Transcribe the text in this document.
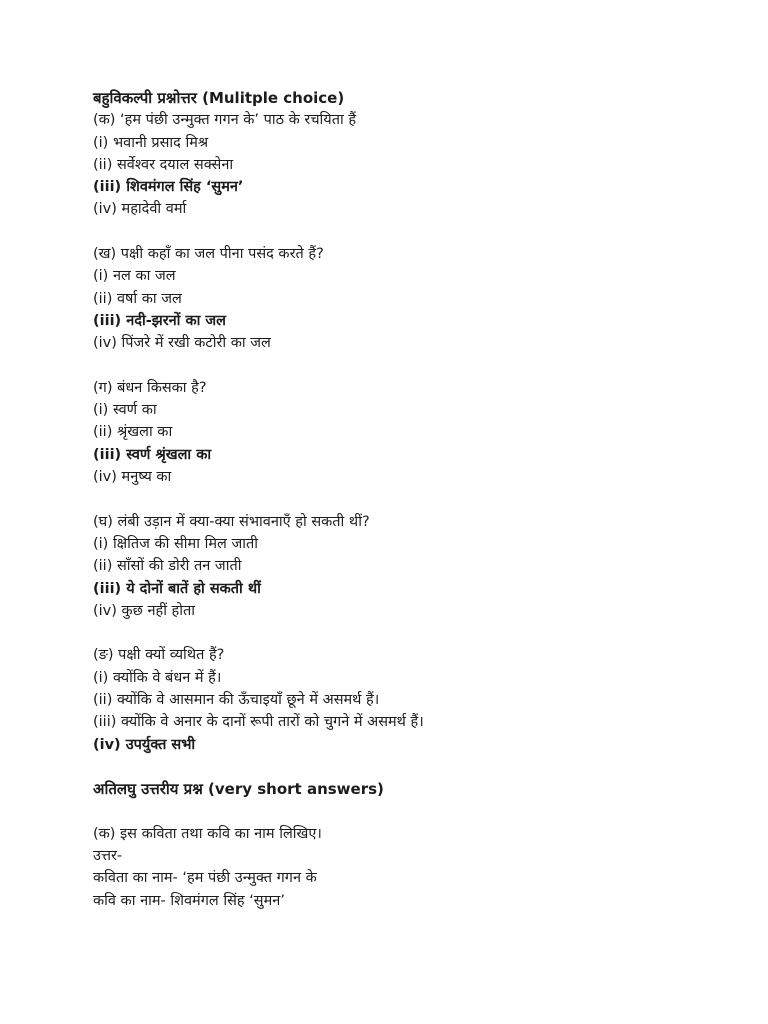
बहुविकल्पी प्रश्नोत्तर (Mulitple choice)
(क) ‘हम पंछी उन्मुक्त गगन के’ पाठ के रचयिता हैं
(i) भवानी प्रसाद मिश्र
(ii) सर्वेश्वर दयाल सक्सेना
(iii) शिवमंगल सिंह ‘सुमन’
(iv) महादेवी वर्मा
(ख) पक्षी कहाँ का जल पीना पसंद करते हैं?
(i) नल का जल
(ii) वर्षा का जल
(iii) नदी-झरनों का जल
(iv) पिंजरे में रखी कटोरी का जल
(ग) बंधन किसका है?
(i) स्वर्ण का
(ii) श्रृंखला का
(iii) स्वर्ण श्रृंखला का
(iv) मनुष्य का
(घ) लंबी उड़ान में क्या-क्या संभावनाएँ हो सकती थीं?
(i) क्षितिज की सीमा मिल जाती
(ii) साँसों की डोरी तन जाती
(iii) ये दोनों बातें हो सकती थीं
(iv) कुछ नहीं होता
(ङ) पक्षी क्यों व्यथित हैं?
(i) क्योंकि वे बंधन में हैं।
(ii) क्योंकि वे आसमान की ऊँचाइयाँ छूने में असमर्थ हैं।
(iii) क्योंकि वे अनार के दानों रूपी तारों को चुगने में असमर्थ हैं।
(iv) उपर्युक्त सभी
अतिलघु उत्तरीय प्रश्न (very short answers)
(क) इस कविता तथा कवि का नाम लिखिए।
उत्तर-
कविता का नाम- ‘हम पंछी उन्मुक्त गगन के
कवि का नाम- शिवमंगल सिंह ‘सुमन’
